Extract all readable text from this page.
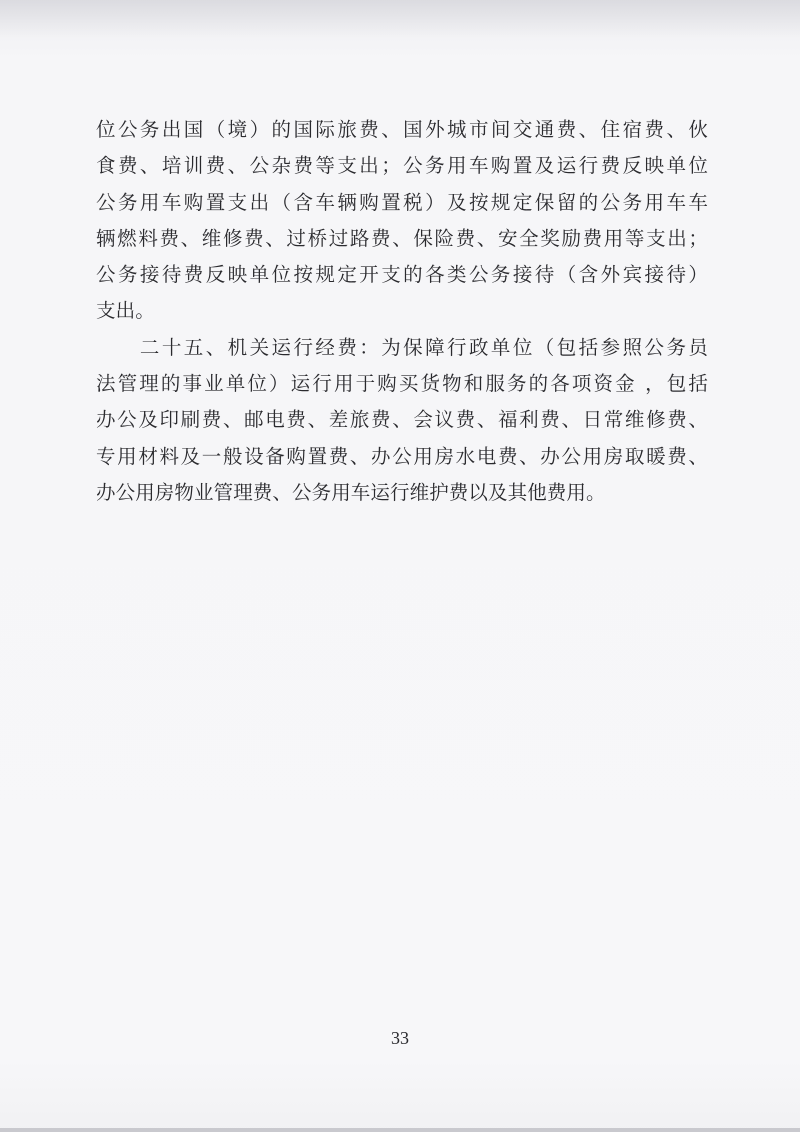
位公务出国（境）的国际旅费、国外城市间交通费、住宿费、伙
食费、培训费、公杂费等支出；公务用车购置及运行费反映单位
公务用车购置支出（含车辆购置税）及按规定保留的公务用车车
辆燃料费、维修费、过桥过路费、保险费、安全奖励费用等支出；
公务接待费反映单位按规定开支的各类公务接待（含外宾接待）
支出。
　　二十五、机关运行经费：为保障行政单位（包括参照公务员
法管理的事业单位）运行用于购买货物和服务的各项资金 ，包括
办公及印刷费、邮电费、差旅费、会议费、福利费、日常维修费、
专用材料及一般设备购置费、办公用房水电费、办公用房取暖费、
办公用房物业管理费、公务用车运行维护费以及其他费用。
33
